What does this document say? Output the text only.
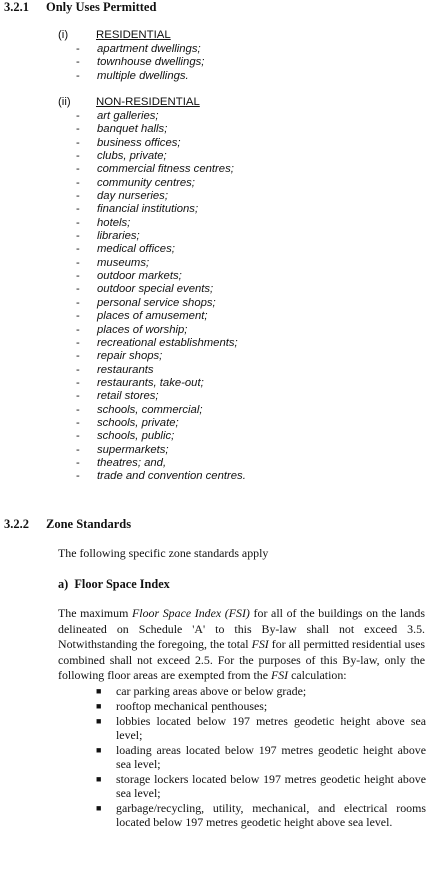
3.2.1 Only Uses Permitted
(i) RESIDENTIAL
- apartment dwellings;
- townhouse dwellings;
- multiple dwellings.
(ii) NON-RESIDENTIAL
- art galleries;
- banquet halls;
- business offices;
- clubs, private;
- commercial fitness centres;
- community centres;
- day nurseries;
- financial institutions;
- hotels;
- libraries;
- medical offices;
- museums;
- outdoor markets;
- outdoor special events;
- personal service shops;
- places of amusement;
- places of worship;
- recreational establishments;
- repair shops;
- restaurants
- restaurants, take-out;
- retail stores;
- schools, commercial;
- schools, private;
- schools, public;
- supermarkets;
- theatres; and,
- trade and convention centres.
3.2.2 Zone Standards

The following specific zone standards apply

a) Floor Space Index

The maximum Floor Space Index (FSI) for all of the buildings on the lands delineated on Schedule 'A' to this By-law shall not exceed 3.5. Notwithstanding the foregoing, the total FSI for all permitted residential uses combined shall not exceed 2.5. For the purposes of this By-law, only the following floor areas are exempted from the FSI calculation:

■ car parking areas above or below grade;
■ rooftop mechanical penthouses;
■ lobbies located below 197 metres geodetic height above sea level;
■ loading areas located below 197 metres geodetic height above sea level;
■ storage lockers located below 197 metres geodetic height above sea level;
■ garbage/recycling, utility, mechanical, and electrical rooms located below 197 metres geodetic height above sea level.
